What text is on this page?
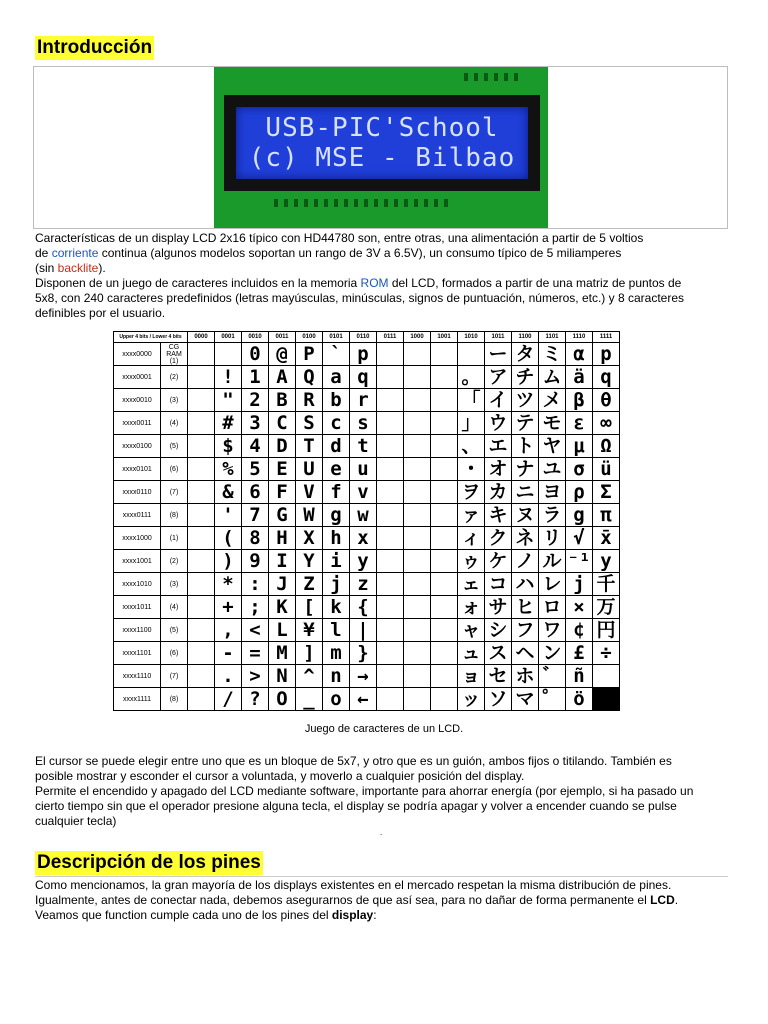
Introducción
USB-PIC'School
(c) MSE - Bilbao
Características de un display LCD 2x16 típico con HD44780 son, entre otras, una alimentación a partir de 5 voltios
de corriente continua (algunos modelos soportan un rango de 3V a 6.5V), un consumo típico de 5 miliamperes
(sin backlite).
Disponen de un juego de caracteres incluidos en la memoria ROM del LCD, formados a partir de una matriz de puntos de
5x8, con 240 caracteres predefinidos (letras mayúsculas, minúsculas, signos de puntuación, números, etc.) y 8 caracteres
definibles por el usuario.
Upper 4 bits / Lower 4 bits		0000	0001	0010	0011	0100	0101	0110	0111	1000	1001	1010	1011	1100	1101	1110	1111
xxxx0000	CG RAM (1)			0	@	P	`	p					ー	タ	ミ	α	p
xxxx0001	(2)		!	1	A	Q	a	q				。	ア	チ	ム	ä	q
xxxx0010	(3)		"	2	B	R	b	r				「	イ	ツ	メ	β	θ
xxxx0011	(4)		#	3	C	S	c	s				」	ウ	テ	モ	ε	∞
xxxx0100	(5)		$	4	D	T	d	t				、	エ	ト	ヤ	μ	Ω
xxxx0101	(6)		%	5	E	U	e	u				・	オ	ナ	ユ	σ	ü
xxxx0110	(7)		&	6	F	V	f	v				ヲ	カ	ニ	ヨ	ρ	Σ
xxxx0111	(8)		'	7	G	W	g	w				ァ	キ	ヌ	ラ	g	π
xxxx1000	(1)		(	8	H	X	h	x				ィ	ク	ネ	リ	√	x̄
xxxx1001	(2)		)	9	I	Y	i	y				ゥ	ケ	ノ	ル	⁻¹	y
xxxx1010	(3)		*	:	J	Z	j	z				ェ	コ	ハ	レ	j	千
xxxx1011	(4)		+	;	K	[	k	{				ォ	サ	ヒ	ロ	×	万
xxxx1100	(5)		,	<	L	¥	l	|				ャ	シ	フ	ワ	¢	円
xxxx1101	(6)		-	=	M	]	m	}				ュ	ス	ヘ	ン	£	÷
xxxx1110	(7)		.	>	N	^	n	→				ョ	セ	ホ	゛	ñ	
xxxx1111	(8)		/	?	O	_	o	←				ッ	ソ	マ	゜	ö	
Juego de caracteres de un LCD.
El cursor se puede elegir entre uno que es un bloque de 5x7, y otro que es un guión, ambos fijos o titilando. También es
posible mostrar y esconder el cursor a voluntada, y moverlo a cualquier posición del display.
Permite el encendido y apagado del LCD mediante software, importante para ahorrar energía (por ejemplo, si ha pasado un
cierto tiempo sin que el operador presione alguna tecla, el display se podría apagar y volver a encender cuando se pulse
cualquier tecla)
.
Descripción de los pines
Como mencionamos, la gran mayoría de los displays existentes en el mercado respetan la misma distribución de pines.
Igualmente, antes de conectar nada, debemos asegurarnos de que así sea, para no dañar de forma permanente el LCD.
Veamos que function cumple cada uno de los pines del display:
